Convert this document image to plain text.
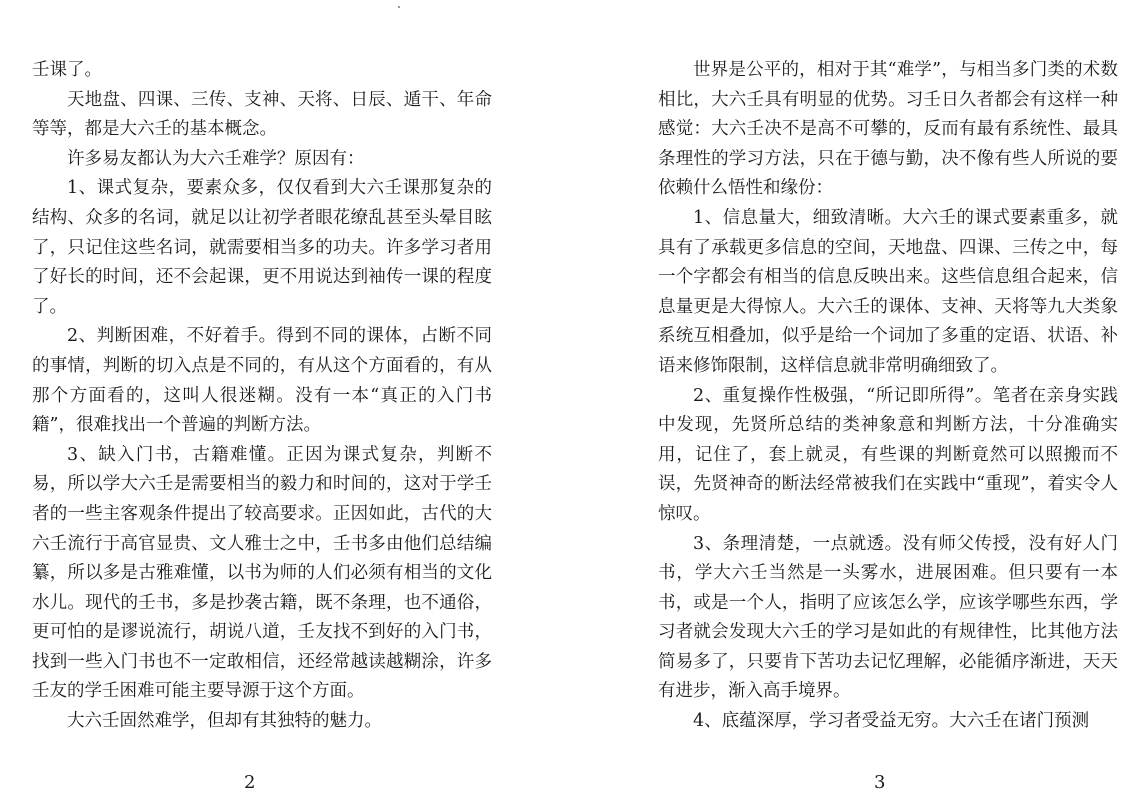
壬课了。

天地盘、四课、三传、支神、天将、日辰、遁干、年命等等，都是大六壬的基本概念。

许多易友都认为大六壬难学？原因有：

1、课式复杂，要素众多，仅仅看到大六壬课那复杂的结构、众多的名词，就足以让初学者眼花缭乱甚至头晕目眩了，只记住这些名词，就需要相当多的功夫。许多学习者用了好长的时间，还不会起课，更不用说达到袖传一课的程度了。

2、判断困难，不好着手。得到不同的课体，占断不同的事情，判断的切入点是不同的，有从这个方面看的，有从那个方面看的，这叫人很迷糊。没有一本“真正的入门书籍”，很难找出一个普遍的判断方法。

3、缺入门书，古籍难懂。正因为课式复杂，判断不易，所以学大六壬是需要相当的毅力和时间的，这对于学壬者的一些主客观条件提出了较高要求。正因如此，古代的大六壬流行于高官显贵、文人雅士之中，壬书多由他们总结编纂，所以多是古雅难懂，以书为师的人们必须有相当的文化水儿。现代的壬书，多是抄袭古籍，既不条理，也不通俗，更可怕的是谬说流行，胡说八道，壬友找不到好的入门书，找到一些入门书也不一定敢相信，还经常越读越糊涂，许多壬友的学壬困难可能主要导源于这个方面。

大六壬固然难学，但却有其独特的魅力。

世界是公平的，相对于其“难学”，与相当多门类的术数相比，大六壬具有明显的优势。习壬日久者都会有这样一种感觉：大六壬决不是高不可攀的，反而有最有系统性、最具条理性的学习方法，只在于德与勤，决不像有些人所说的要依赖什么悟性和缘份：

1、信息量大，细致清晰。大六壬的课式要素重多，就具有了承载更多信息的空间，天地盘、四课、三传之中，每一个字都会有相当的信息反映出来。这些信息组合起来，信息量更是大得惊人。大六壬的课体、支神、天将等九大类象系统互相叠加，似乎是给一个词加了多重的定语、状语、补语来修饰限制，这样信息就非常明确细致了。

2、重复操作性极强，“所记即所得”。笔者在亲身实践中发现，先贤所总结的类神象意和判断方法，十分准确实用，记住了，套上就灵，有些课的判断竟然可以照搬而不误，先贤神奇的断法经常被我们在实践中“重现”，着实令人惊叹。

3、条理清楚，一点就透。没有师父传授，没有好人门书，学大六壬当然是一头雾水，进展困难。但只要有一本书，或是一个人，指明了应该怎么学，应该学哪些东西，学习者就会发现大六壬的学习是如此的有规律性，比其他方法简易多了，只要肯下苦功去记忆理解，必能循序渐进，天天有进步，渐入高手境界。

4、底蕴深厚，学习者受益无穷。大六壬在诸门预测

2	3
